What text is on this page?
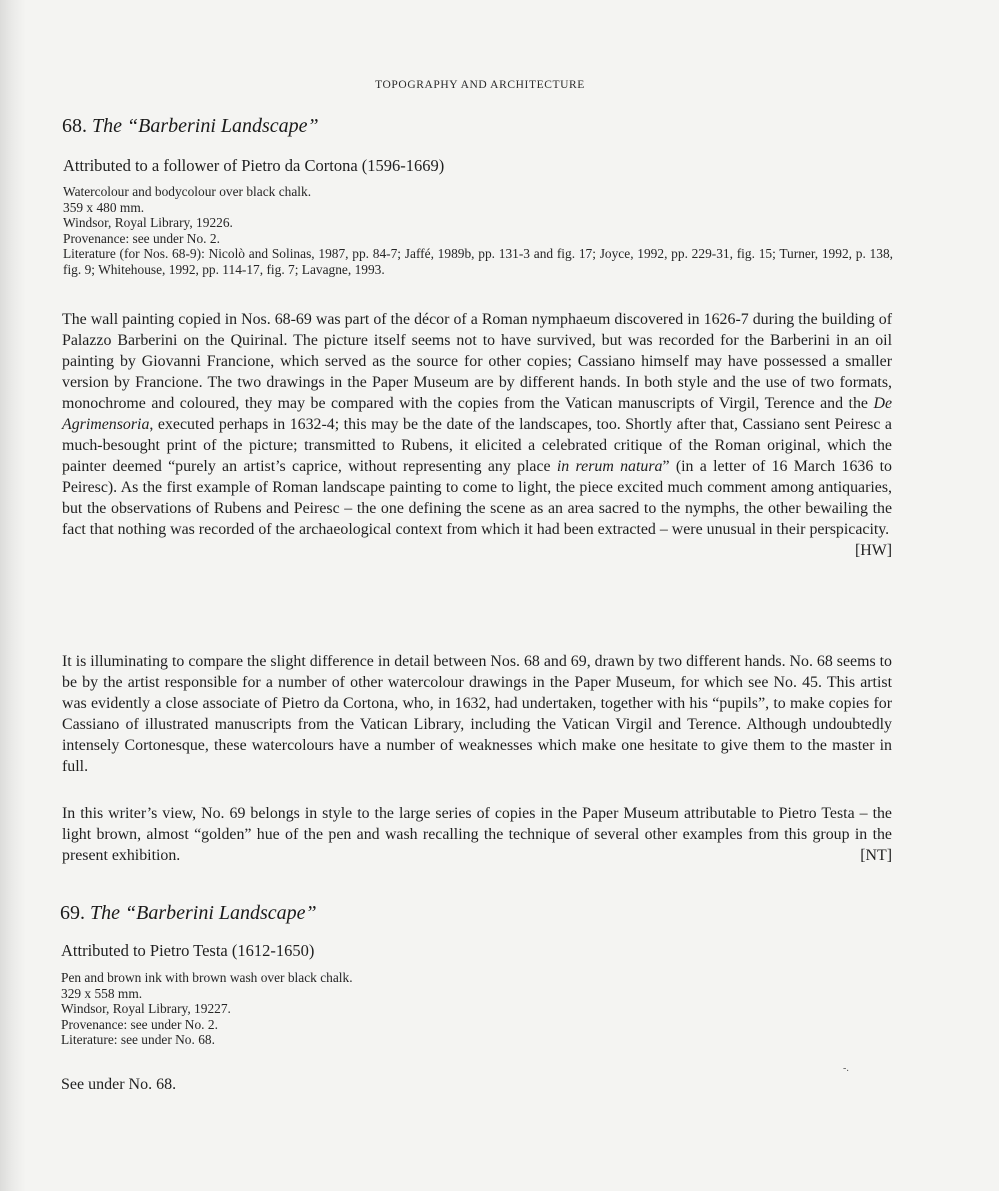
TOPOGRAPHY AND ARCHITECTURE
68. The “Barberini Landscape”
Attributed to a follower of Pietro da Cortona (1596-1669)
Watercolour and bodycolour over black chalk.
359 x 480 mm.
Windsor, Royal Library, 19226.
Provenance: see under No. 2.
Literature (for Nos. 68-9): Nicolò and Solinas, 1987, pp. 84-7; Jaffé, 1989b, pp. 131-3 and fig. 17; Joyce, 1992, pp. 229-31, fig. 15; Turner, 1992, p. 138, fig. 9; Whitehouse, 1992, pp. 114-17, fig. 7; Lavagne, 1993.

The wall painting copied in Nos. 68-69 was part of the décor of a Roman nymphaeum discovered in 1626-7 during the building of Palazzo Barberini on the Quirinal. The picture itself seems not to have survived, but was recorded for the Barberini in an oil painting by Giovanni Francione, which served as the source for other copies; Cassiano himself may have possessed a smaller version by Francione. The two drawings in the Paper Museum are by different hands. In both style and the use of two formats, monochrome and coloured, they may be compared with the copies from the Vatican manuscripts of Virgil, Terence and the De Agrimensoria, executed perhaps in 1632-4; this may be the date of the landscapes, too. Shortly after that, Cassiano sent Peiresc a much-besought print of the picture; transmitted to Rubens, it elicited a celebrated critique of the Roman original, which the painter deemed “purely an artist’s caprice, without representing any place in rerum natura” (in a letter of 16 March 1636 to Peiresc). As the first example of Roman landscape painting to come to light, the piece excited much comment among antiquaries, but the observations of Rubens and Peiresc – the one defining the scene as an area sacred to the nymphs, the other bewailing the fact that nothing was recorded of the archaeological context from which it had been extracted – were unusual in their perspicacity.
[HW]

It is illuminating to compare the slight difference in detail between Nos. 68 and 69, drawn by two different hands. No. 68 seems to be by the artist responsible for a number of other watercolour drawings in the Paper Museum, for which see No. 45. This artist was evidently a close associate of Pietro da Cortona, who, in 1632, had undertaken, together with his “pupils”, to make copies for Cassiano of illustrated manuscripts from the Vatican Library, including the Vatican Virgil and Terence. Although undoubtedly intensely Cortonesque, these watercolours have a number of weaknesses which make one hesitate to give them to the master in full.

In this writer’s view, No. 69 belongs in style to the large series of copies in the Paper Museum attributable to Pietro Testa – the light brown, almost “golden” hue of the pen and wash recalling the technique of several other examples from this group in the present exhibition.	[NT]

69. The “Barberini Landscape”
Attributed to Pietro Testa (1612-1650)
Pen and brown ink with brown wash over black chalk.
329 x 558 mm.
Windsor, Royal Library, 19227.
Provenance: see under No. 2.
Literature: see under No. 68.
See under No. 68.
-.
